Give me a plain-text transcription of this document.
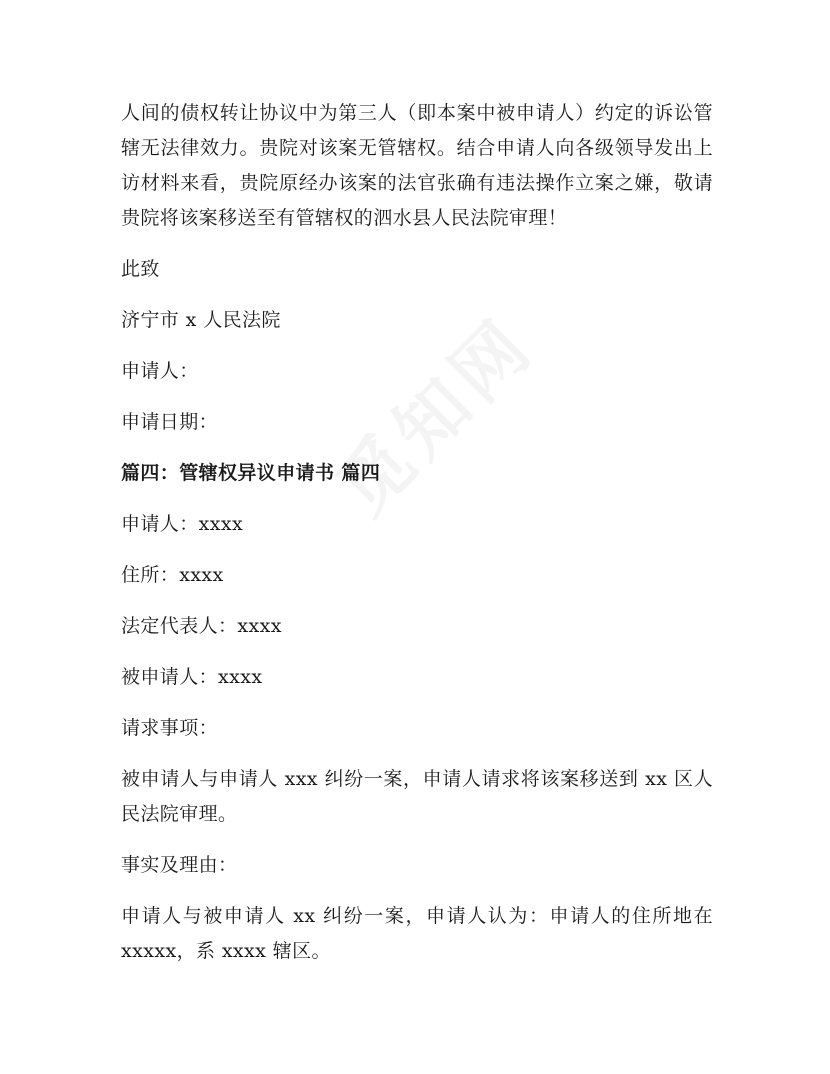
人间的债权转让协议中为第三人（即本案中被申请人）约定的诉讼管辖无法律效力。贵院对该案无管辖权。结合申请人向各级领导发出上访材料来看，贵院原经办该案的法官张确有违法操作立案之嫌，敬请贵院将该案移送至有管辖权的泗水县人民法院审理！

此致

济宁市 x 人民法院

申请人：

申请日期：

篇四：管辖权异议申请书 篇四

申请人：xxxx

住所：xxxx

法定代表人：xxxx

被申请人：xxxx

请求事项：

被申请人与申请人 xxx 纠纷一案，申请人请求将该案移送到 xx 区人民法院审理。

事实及理由：

申请人与被申请人 xx 纠纷一案，申请人认为：申请人的住所地在 xxxxx，系 xxxx 辖区。
